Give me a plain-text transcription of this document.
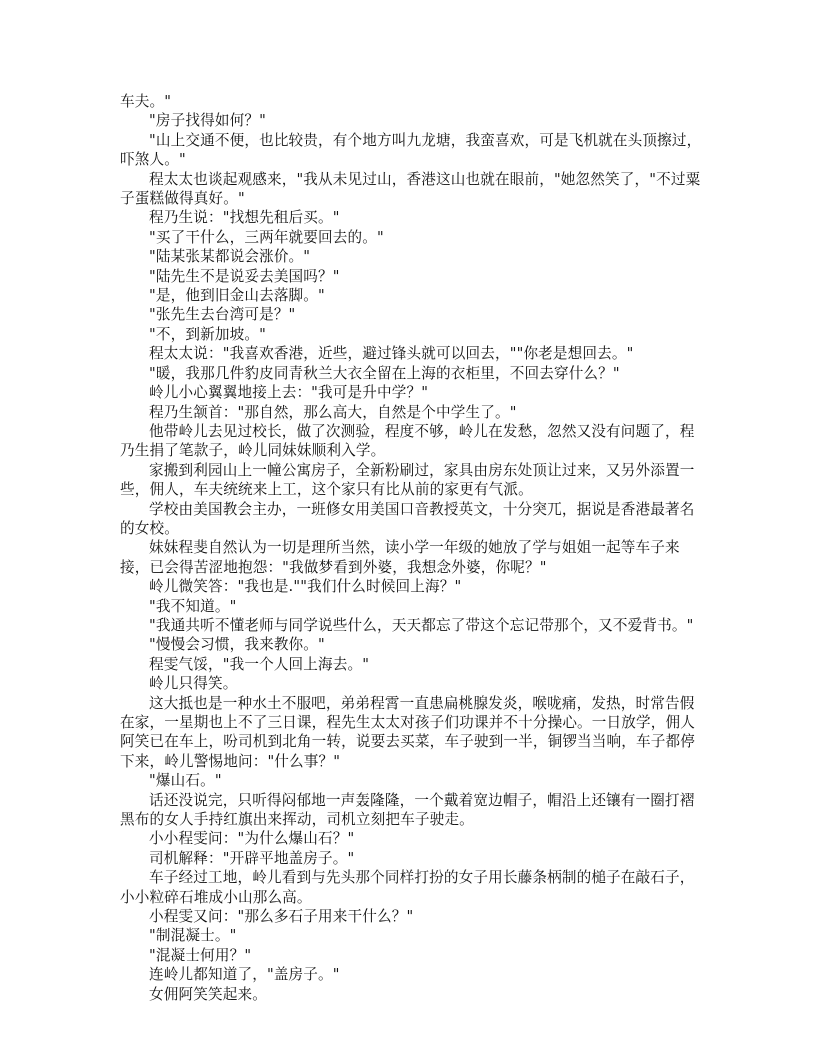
车夫。"

"房子找得如何？"

"山上交通不便，也比较贵，有个地方叫九龙塘，我蛮喜欢，可是飞机就在头顶擦过，吓煞人。"

程太太也谈起观感来，"我从未见过山，香港这山也就在眼前，"她忽然笑了，"不过粟子蛋糕做得真好。"

程乃生说："找想先租后买。"

"买了干什么，三两年就要回去的。"

"陆某张某都说会涨价。"

"陆先生不是说妥去美国吗？"

"是，他到旧金山去落脚。"

"张先生去台湾可是？"

"不，到新加坡。"

程太太说："我喜欢香港，近些，避过锋头就可以回去，""你老是想回去。"

"暖，我那几件豹皮同青秋兰大衣全留在上海的衣柜里，不回去穿什么？"

岭儿小心翼翼地接上去："我可是升中学？"

程乃生颔首："那自然，那么高大，自然是个中学生了。"

他带岭儿去见过校长，做了次测验，程度不够，岭儿在发愁，忽然又没有问题了，程乃生捐了笔款子，岭儿同妹妹顺利入学。

家搬到利园山上一幢公寓房子，全新粉刷过，家具由房东处顶让过来，又另外添置一些，佣人，车夫统统来上工，这个家只有比从前的家更有气派。

学校由美国教会主办，一班修女用美国口音教授英文，十分突兀，据说是香港最著名的女校。

妹妹程斐自然认为一切是理所当然，读小学一年级的她放了学与姐姐一起等车子来接，已会得苦涩地抱怨："我做梦看到外婆，我想念外婆，你呢？"

岭儿微笑答："我也是.""我们什么时候回上海？"

"我不知道。"

"我通共听不懂老师与同学说些什么，天天都忘了带这个忘记带那个，又不爱背书。"

"慢慢会习惯，我来教你。"

程雯气馁，"我一个人回上海去。"

岭儿只得笑。

这大抵也是一种水土不服吧，弟弟程霄一直患扁桃腺发炎，喉咙痛，发热，时常告假在家，一星期也上不了三日课，程先生太太对孩子们功课并不十分操心。一日放学，佣人阿笑已在车上，吩司机到北角一转，说要去买菜，车子驶到一半，铜锣当当响，车子都停下来，岭儿警惕地问："什么事？"

"爆山石。"

话还没说完，只听得闷郁地一声轰隆隆，一个戴着宽边帽子，帽沿上还镶有一圈打褶黑布的女人手持红旗出来挥动，司机立刻把车子驶走。

小小程雯问："为什么爆山石？"

司机解释："开辟平地盖房子。"

车子经过工地，岭儿看到与先头那个同样打扮的女子用长藤条柄制的槌子在敲石子，小小粒碎石堆成小山那么高。

小程雯又问："那么多石子用来干什么？"

"制混凝士。"

"混凝士何用？"

连岭儿都知道了，"盖房子。"

女佣阿笑笑起来。
